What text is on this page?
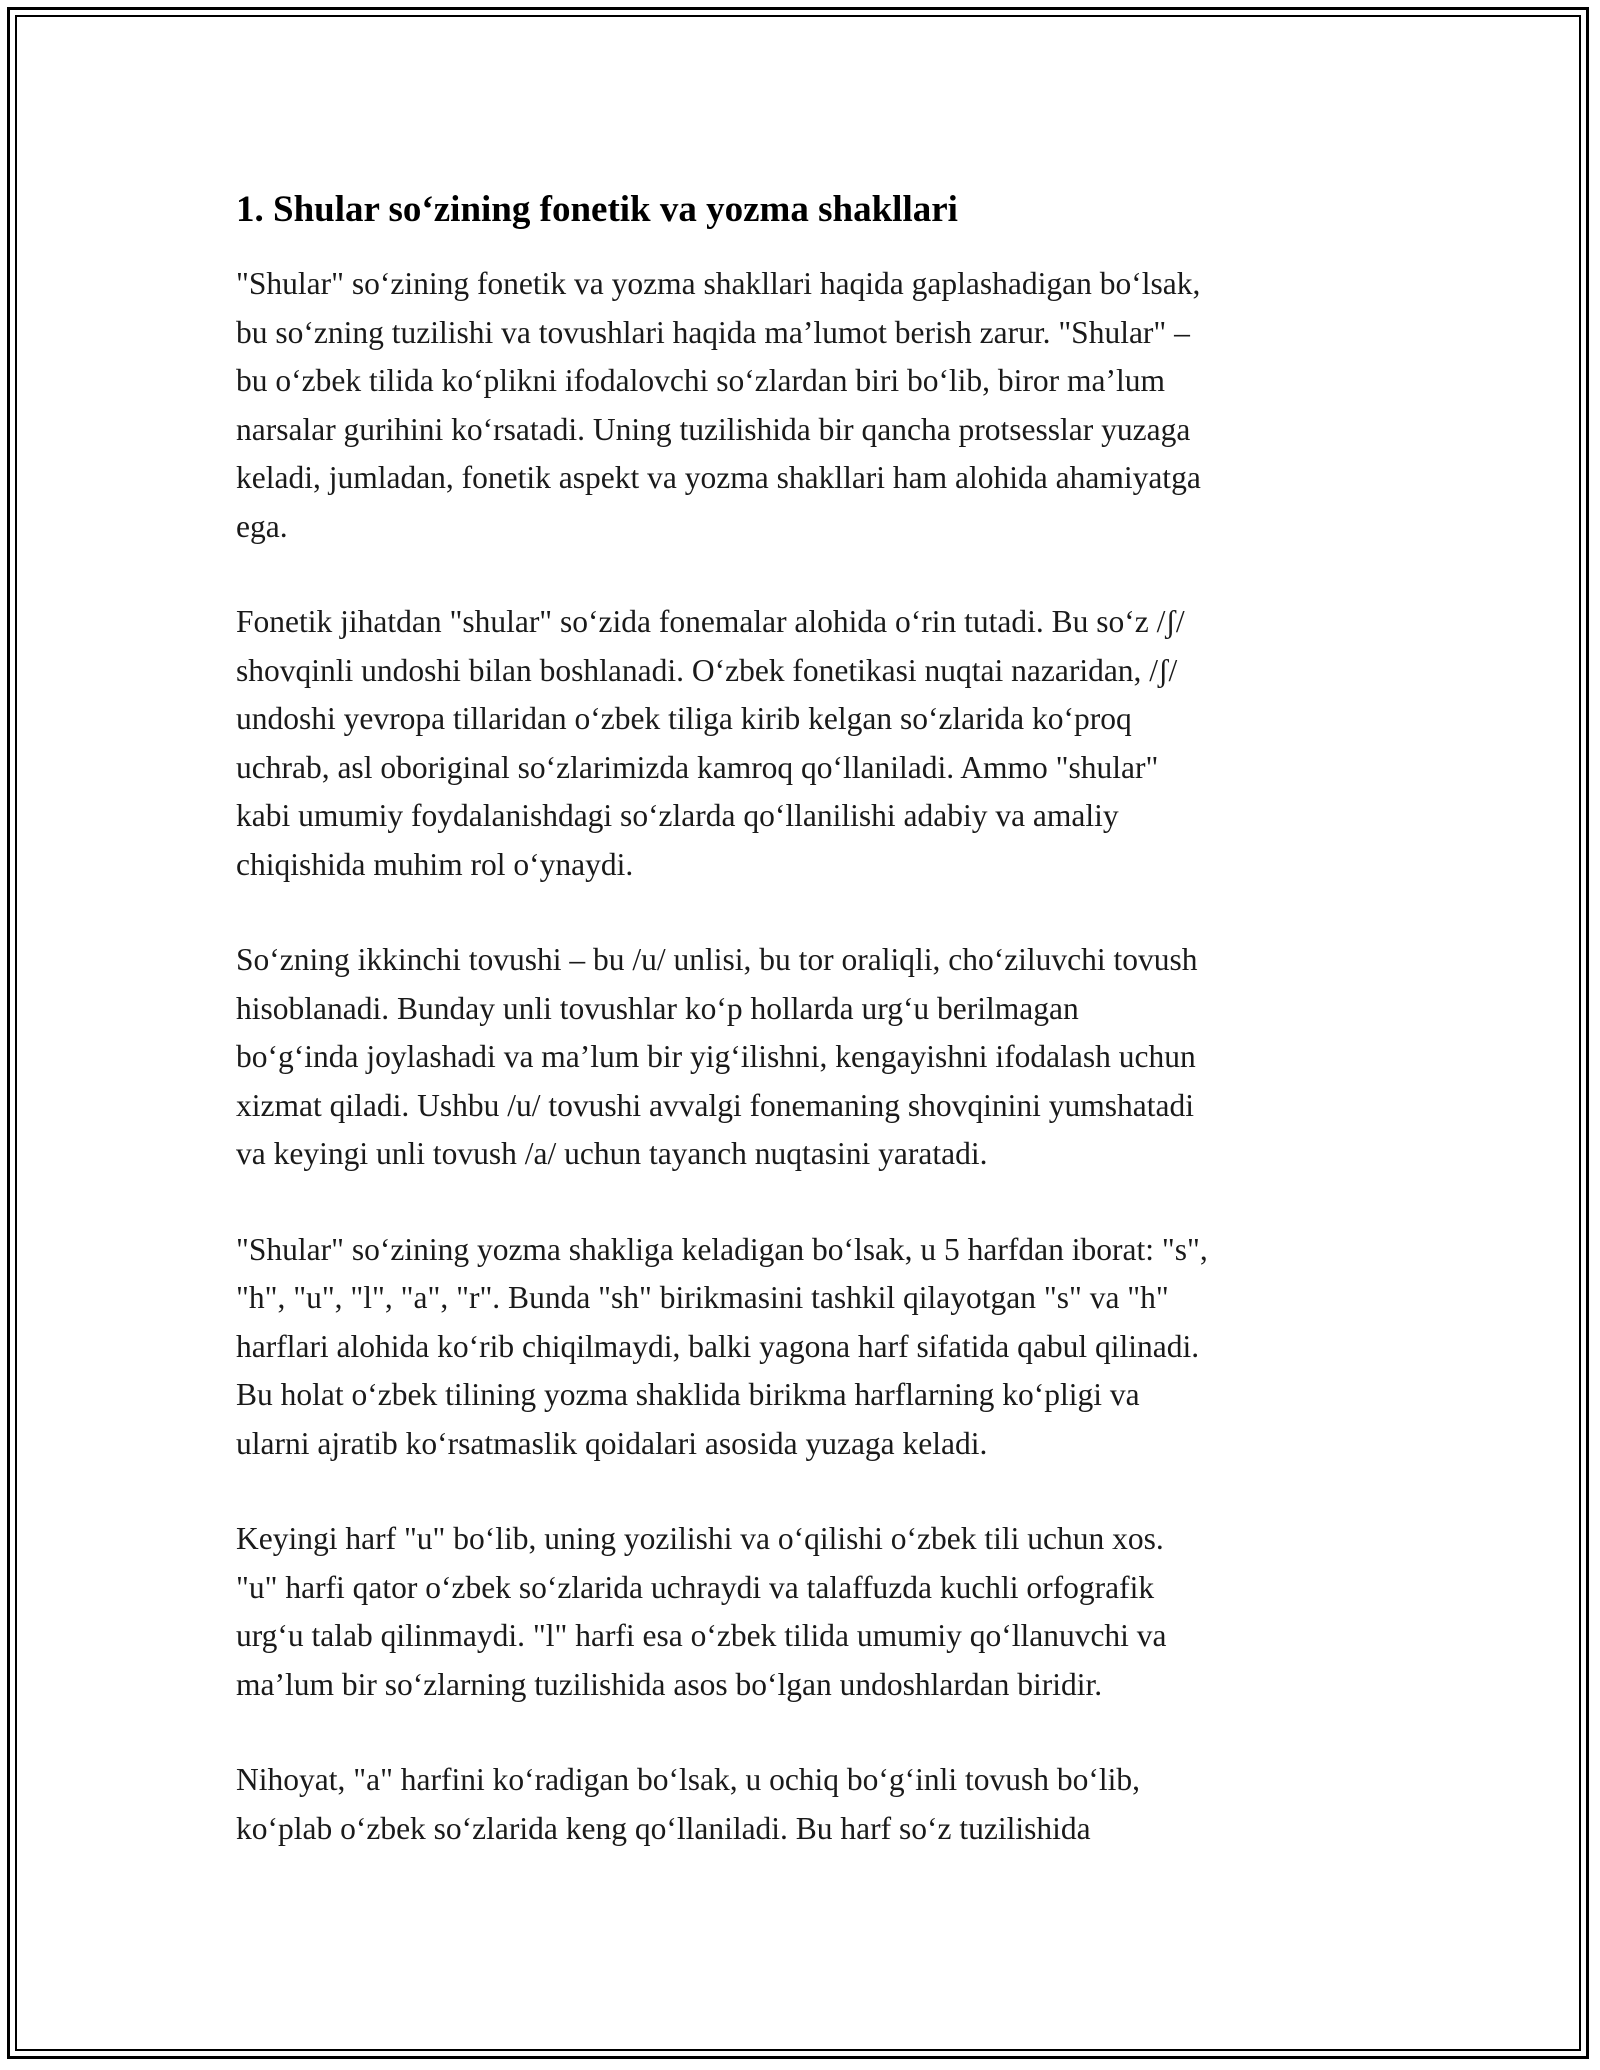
1. Shular so‘zining fonetik va yozma shakllari

"Shular" so‘zining fonetik va yozma shakllari haqida gaplashadigan bo‘lsak,
bu so‘zning tuzilishi va tovushlari haqida ma’lumot berish zarur. "Shular" –
bu o‘zbek tilida ko‘plikni ifodalovchi so‘zlardan biri bo‘lib, biror ma’lum
narsalar gurihini ko‘rsatadi. Uning tuzilishida bir qancha protsesslar yuzaga
keladi, jumladan, fonetik aspekt va yozma shakllari ham alohida ahamiyatga
ega.

Fonetik jihatdan "shular" so‘zida fonemalar alohida o‘rin tutadi. Bu so‘z /ʃ/
shovqinli undoshi bilan boshlanadi. O‘zbek fonetikasi nuqtai nazaridan, /ʃ/
undoshi yevropa tillaridan o‘zbek tiliga kirib kelgan so‘zlarida ko‘proq
uchrab, asl oboriginal so‘zlarimizda kamroq qo‘llaniladi. Ammo "shular"
kabi umumiy foydalanishdagi so‘zlarda qo‘llanilishi adabiy va amaliy
chiqishida muhim rol o‘ynaydi.

So‘zning ikkinchi tovushi – bu /u/ unlisi, bu tor oraliqli, cho‘ziluvchi tovush
hisoblanadi. Bunday unli tovushlar ko‘p hollarda urg‘u berilmagan
bo‘g‘inda joylashadi va ma’lum bir yig‘ilishni, kengayishni ifodalash uchun
xizmat qiladi. Ushbu /u/ tovushi avvalgi fonemaning shovqinini yumshatadi
va keyingi unli tovush /a/ uchun tayanch nuqtasini yaratadi.

"Shular" so‘zining yozma shakliga keladigan bo‘lsak, u 5 harfdan iborat: "s",
"h", "u", "l", "a", "r". Bunda "sh" birikmasini tashkil qilayotgan "s" va "h"
harflari alohida ko‘rib chiqilmaydi, balki yagona harf sifatida qabul qilinadi.
Bu holat o‘zbek tilining yozma shaklida birikma harflarning ko‘pligi va
ularni ajratib ko‘rsatmaslik qoidalari asosida yuzaga keladi.

Keyingi harf "u" bo‘lib, uning yozilishi va o‘qilishi o‘zbek tili uchun xos.
"u" harfi qator o‘zbek so‘zlarida uchraydi va talaffuzda kuchli orfografik
urg‘u talab qilinmaydi. "l" harfi esa o‘zbek tilida umumiy qo‘llanuvchi va
ma’lum bir so‘zlarning tuzilishida asos bo‘lgan undoshlardan biridir.

Nihoyat, "a" harfini ko‘radigan bo‘lsak, u ochiq bo‘g‘inli tovush bo‘lib,
ko‘plab o‘zbek so‘zlarida keng qo‘llaniladi. Bu harf so‘z tuzilishida
